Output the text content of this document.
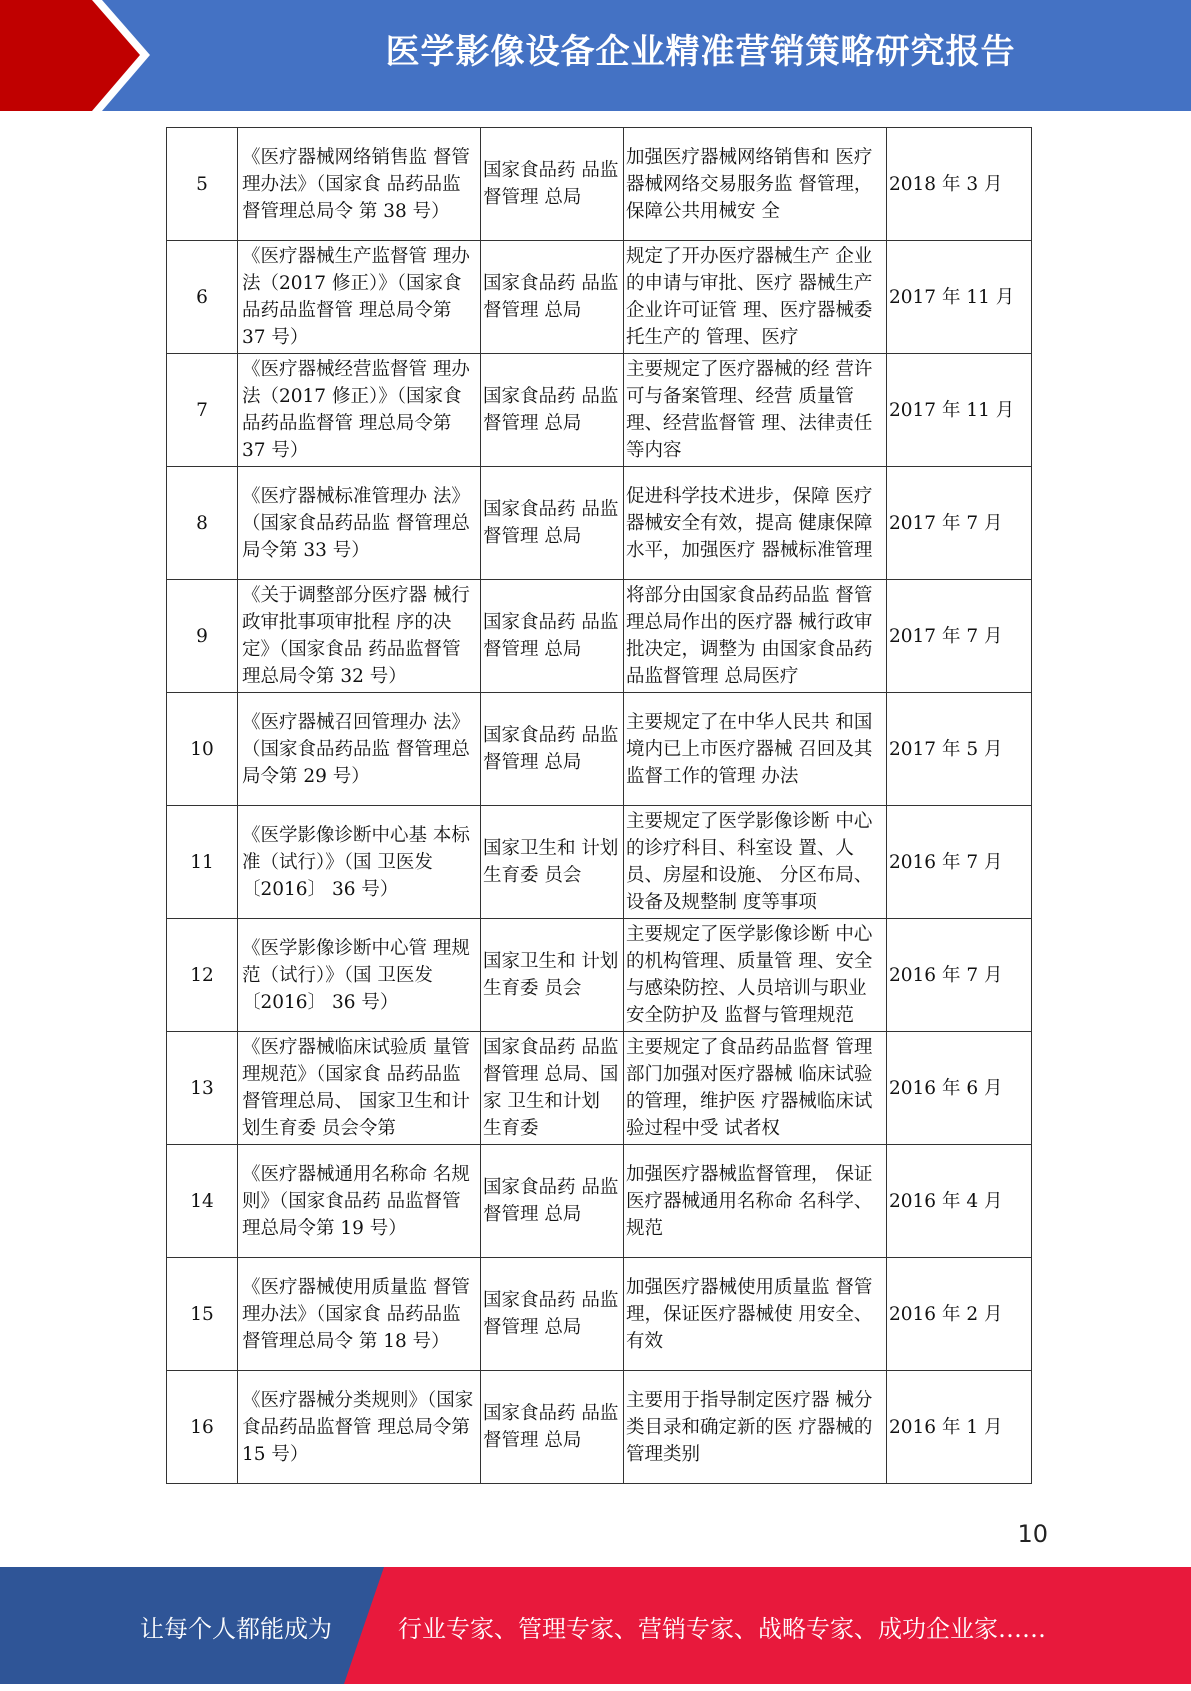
医学影像设备企业精准营销策略研究报告
5	《医疗器械网络销售监 督管理办法》（国家食 品药品监督管理总局令 第 38 号）	国家食品药 品监督管理 总局	加强医疗器械网络销售和 医疗器械网络交易服务监 督管理，保障公共用械安 全	2018 年 3 月

6	《医疗器械生产监督管 理办法（2017 修正）》（国家食品药品监督管 理总局令第 37 号）	国家食品药 品监督管理 总局	规定了开办医疗器械生产 企业的申请与审批、医疗 器械生产企业许可证管 理、医疗器械委托生产的 管理、医疗	2017 年 11 月

7	《医疗器械经营监督管 理办法（2017 修正）》（国家食品药品监督管 理总局令第 37 号）	国家食品药 品监督管理 总局	主要规定了医疗器械的经 营许可与备案管理、经营 质量管理、经营监督管 理、法律责任等内容	2017 年 11 月

8	《医疗器械标准管理办 法》（国家食品药品监 督管理总局令第 33 号）	国家食品药 品监督管理 总局	促进科学技术进步，保障 医疗器械安全有效，提高 健康保障水平，加强医疗 器械标准管理	2017 年 7 月

9	《关于调整部分医疗器 械行政审批事项审批程 序的决定》（国家食品 药品监督管理总局令第 32 号）	国家食品药 品监督管理 总局	将部分由国家食品药品监 督管理总局作出的医疗器 械行政审批决定，调整为 由国家食品药品监督管理 总局医疗	2017 年 7 月

10	《医疗器械召回管理办 法》（国家食品药品监 督管理总局令第 29 号）	国家食品药 品监督管理 总局	主要规定了在中华人民共 和国境内已上市医疗器械 召回及其监督工作的管理 办法	2017 年 5 月

11	《医学影像诊断中心基 本标准（试行）》（国 卫医发〔2016〕 36 号）	国家卫生和 计划生育委 员会	主要规定了医学影像诊断 中心的诊疗科目、科室设 置、人员、房屋和设施、 分区布局、设备及规整制 度等事项	2016 年 7 月

12	《医学影像诊断中心管 理规范（试行）》（国 卫医发〔2016〕 36 号）	国家卫生和 计划生育委 员会	主要规定了医学影像诊断 中心的机构管理、质量管 理、安全与感染防控、人员培训与职业安全防护及 监督与管理规范	2016 年 7 月

13	《医疗器械临床试验质 量管理规范》（国家食 品药品监督管理总局、 国家卫生和计划生育委 员会令第	国家食品药 品监督管理 总局、国家 卫生和计划 生育委	主要规定了食品药品监督 管理部门加强对医疗器械 临床试验的管理，维护医 疗器械临床试验过程中受 试者权	2016 年 6 月

14	《医疗器械通用名称命 名规则》（国家食品药 品监督管理总局令第 19 号）	国家食品药 品监督管理 总局	加强医疗器械监督管理， 保证医疗器械通用名称命 名科学、规范	2016 年 4 月

15	《医疗器械使用质量监 督管理办法》（国家食 品药品监督管理总局令 第 18 号）	国家食品药 品监督管理 总局	加强医疗器械使用质量监 督管理，保证医疗器械使 用安全、有效	2016 年 2 月

16	《医疗器械分类规则》（国家食品药品监督管 理总局令第 15 号）	国家食品药 品监督管理 总局	主要用于指导制定医疗器 械分类目录和确定新的医 疗器械的管理类别	2016 年 1 月
10
让每个人都能成为	行业专家、管理专家、营销专家、战略专家、成功企业家……
